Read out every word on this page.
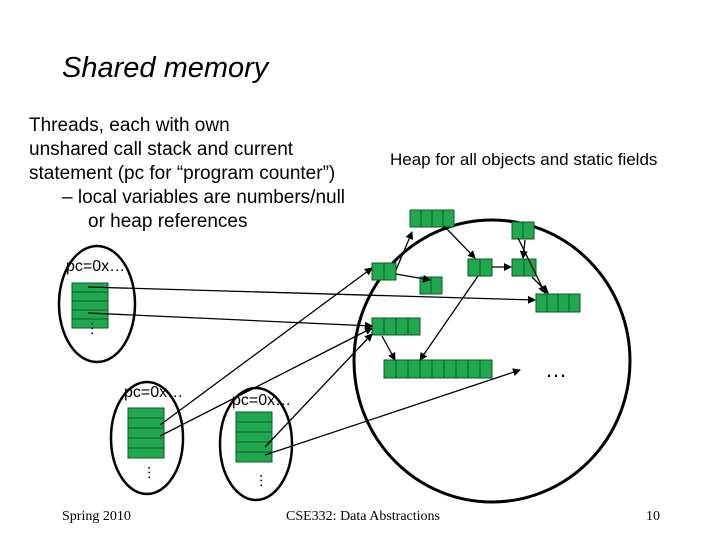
Shared memory
Threads, each with own
unshared call stack and current
statement (pc for “program counter”)
– local variables are numbers/null
or heap references
Heap for all objects and static fields
pc=0x…
pc=0x…	pc=0x…
…
…
…
…
Spring 2010	CSE332: Data Abstractions	10
